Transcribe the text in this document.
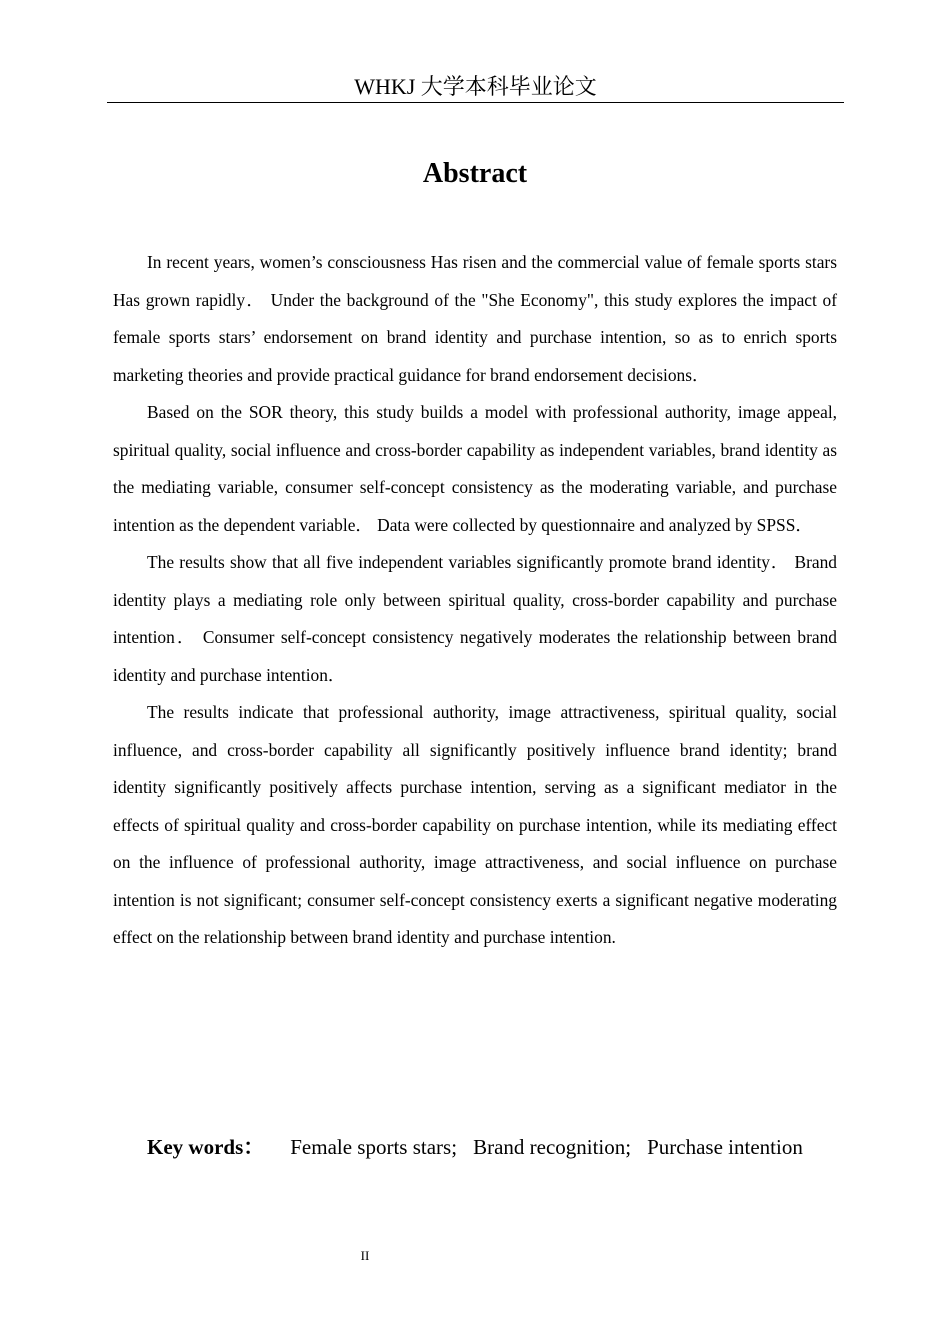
WHKJ 大学本科毕业论文
Abstract

In recent years, women’s consciousness Has risen and the commercial value of female sports stars Has grown rapidly． Under the background of the "She Economy", this study explores the impact of female sports stars’ endorsement on brand identity and purchase intention, so as to enrich sports marketing theories and provide practical guidance for brand endorsement decisions．

Based on the SOR theory, this study builds a model with professional authority, image appeal, spiritual quality, social influence and cross-border capability as independent variables, brand identity as the mediating variable, consumer self-concept consistency as the moderating variable, and purchase intention as the dependent variable． Data were collected by questionnaire and analyzed by SPSS．

The results show that all five independent variables significantly promote brand identity． Brand identity plays a mediating role only between spiritual quality, cross-border capability and purchase intention． Consumer self-concept consistency negatively moderates the relationship between brand identity and purchase intention．

The results indicate that professional authority, image attractiveness, spiritual quality, social influence, and cross-border capability all significantly positively influence brand identity; brand identity significantly positively affects purchase intention, serving as a significant mediator in the effects of spiritual quality and cross-border capability on purchase intention, while its mediating effect on the influence of professional authority, image attractiveness, and social influence on purchase intention is not significant; consumer self-concept consistency exerts a significant negative moderating effect on the relationship between brand identity and purchase intention.

Key words： Female sports stars; Brand recognition; Purchase intention
II
